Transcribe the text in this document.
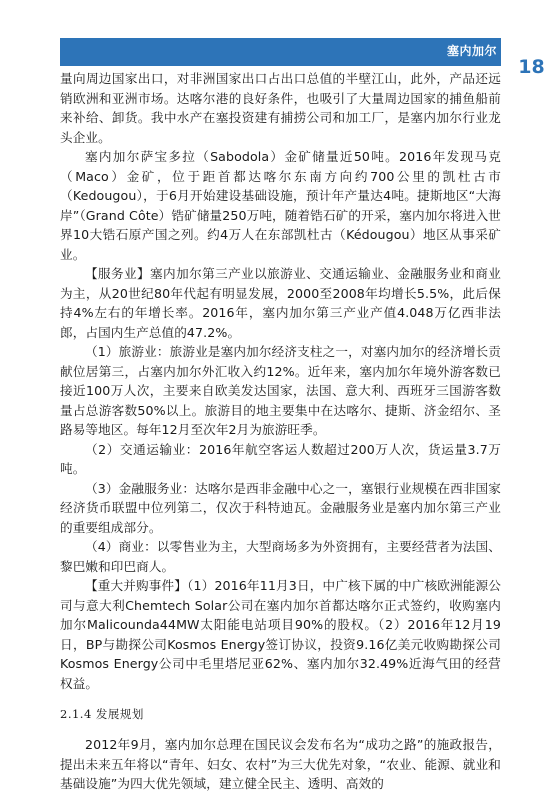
塞内加尔
18

量向周边国家出口，对非洲国家出口占出口总值的半壁江山，此外，产品还远销欧洲和亚洲市场。达喀尔港的良好条件，也吸引了大量周边国家的捕鱼船前来补给、卸货。我中水产在塞投资建有捕捞公司和加工厂，是塞内加尔行业龙头企业。

塞内加尔萨宝多拉（Sabodola）金矿储量近50吨。2016年发现马克（Maco）金矿，位于距首都达喀尔东南方向约700公里的凯杜古市（Kedougou），于6月开始建设基础设施，预计年产量达4吨。捷斯地区“大海岸”（Grand Côte）锆矿储量250万吨，随着锆石矿的开采，塞内加尔将进入世界10大锆石原产国之列。约4万人在东部凯杜古（Kédougou）地区从事采矿业。

【服务业】塞内加尔第三产业以旅游业、交通运输业、金融服务业和商业为主，从20世纪80年代起有明显发展，2000至2008年均增长5.5%，此后保持4%左右的年增长率。2016年，塞内加尔第三产业产值4.048万亿西非法郎，占国内生产总值的47.2%。

（1）旅游业：旅游业是塞内加尔经济支柱之一，对塞内加尔的经济增长贡献位居第三，占塞内加尔外汇收入约12%。近年来，塞内加尔年境外游客数已接近100万人次，主要来自欧美发达国家，法国、意大利、西班牙三国游客数量占总游客数50%以上。旅游目的地主要集中在达喀尔、捷斯、济金绍尔、圣路易等地区。每年12月至次年2月为旅游旺季。

（2）交通运输业：2016年航空客运人数超过200万人次，货运量3.7万吨。

（3）金融服务业：达喀尔是西非金融中心之一，塞银行业规模在西非国家经济货币联盟中位列第二，仅次于科特迪瓦。金融服务业是塞内加尔第三产业的重要组成部分。

（4）商业：以零售业为主，大型商场多为外资拥有，主要经营者为法国、黎巴嫩和印巴商人。

【重大并购事件】（1）2016年11月3日，中广核下属的中广核欧洲能源公司与意大利Chemtech Solar公司在塞内加尔首都达喀尔正式签约，收购塞内加尔Malicounda44MW太阳能电站项目90%的股权。（2）2016年12月19日，BP与勘探公司Kosmos Energy签订协议，投资9.16亿美元收购勘探公司Kosmos Energy公司中毛里塔尼亚62%、塞内加尔32.49%近海气田的经营权益。

2.1.4 发展规划

2012年9月，塞内加尔总理在国民议会发布名为“成功之路”的施政报告，提出未来五年将以“青年、妇女、农村”为三大优先对象，“农业、能源、就业和基础设施”为四大优先领域，建立健全民主、透明、高效的
